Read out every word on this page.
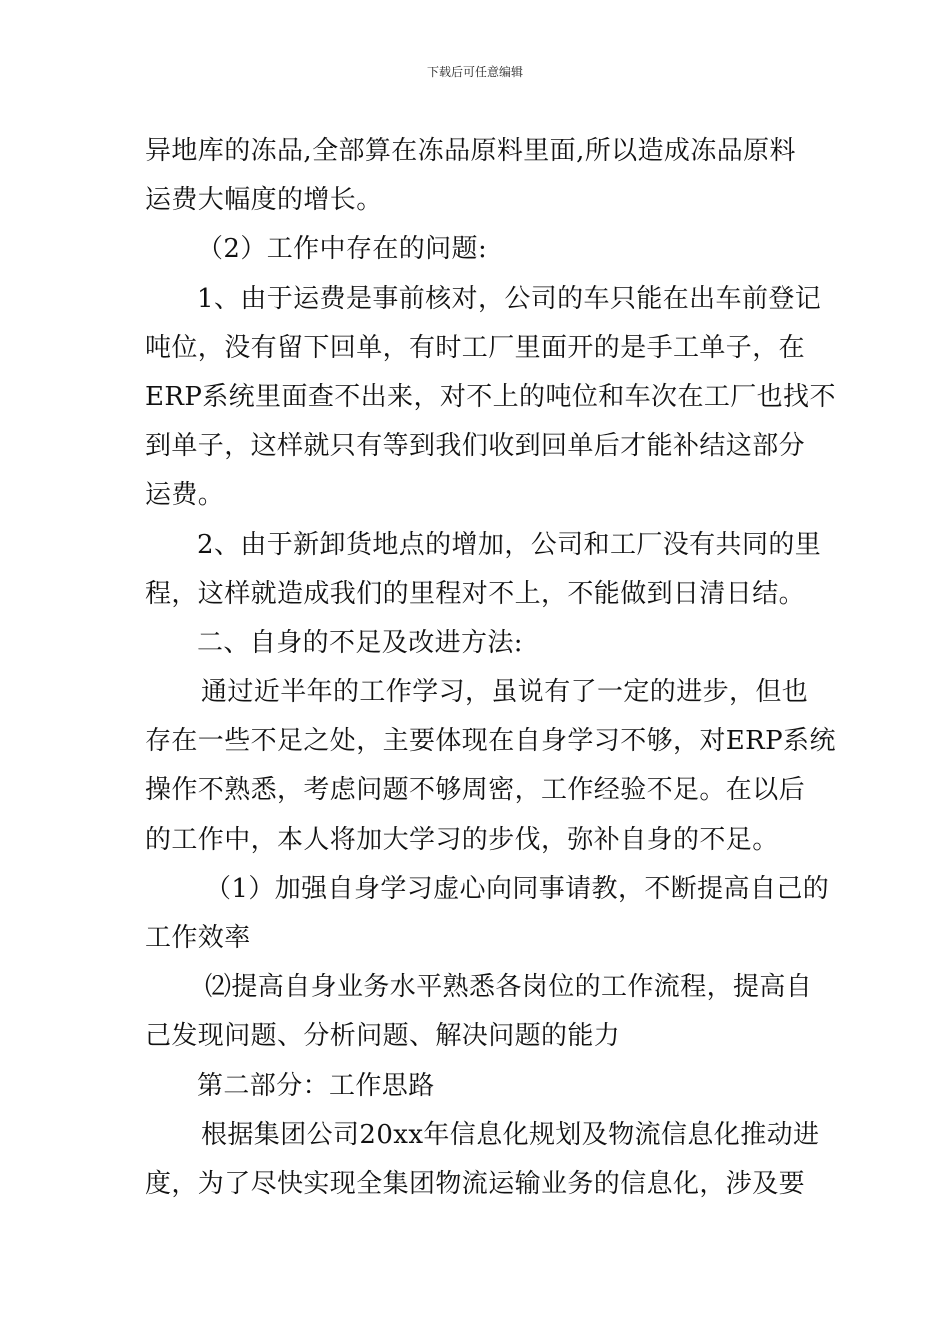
下载后可任意编辑
异地库的冻品,全部算在冻品原料里面,所以造成冻品原料
运费大幅度的增长。
（2）工作中存在的问题:
1、由于运费是事前核对，公司的车只能在出车前登记
吨位，没有留下回单，有时工厂里面开的是手工单子，在
ERP系统里面查不出来，对不上的吨位和车次在工厂也找不
到单子，这样就只有等到我们收到回单后才能补结这部分
运费。
2、由于新卸货地点的增加，公司和工厂没有共同的里
程，这样就造成我们的里程对不上，不能做到日清日结。
二、自身的不足及改进方法:
通过近半年的工作学习，虽说有了一定的进步，但也
存在一些不足之处，主要体现在自身学习不够，对ERP系统
操作不熟悉，考虑问题不够周密，工作经验不足。在以后
的工作中，本人将加大学习的步伐，弥补自身的不足。
（1）加强自身学习虚心向同事请教，不断提高自己的
工作效率
⑵提高自身业务水平熟悉各岗位的工作流程，提高自
己发现问题、分析问题、解决问题的能力
第二部分：工作思路
根据集团公司20xx年信息化规划及物流信息化推动进
度，为了尽快实现全集团物流运输业务的信息化，涉及要
